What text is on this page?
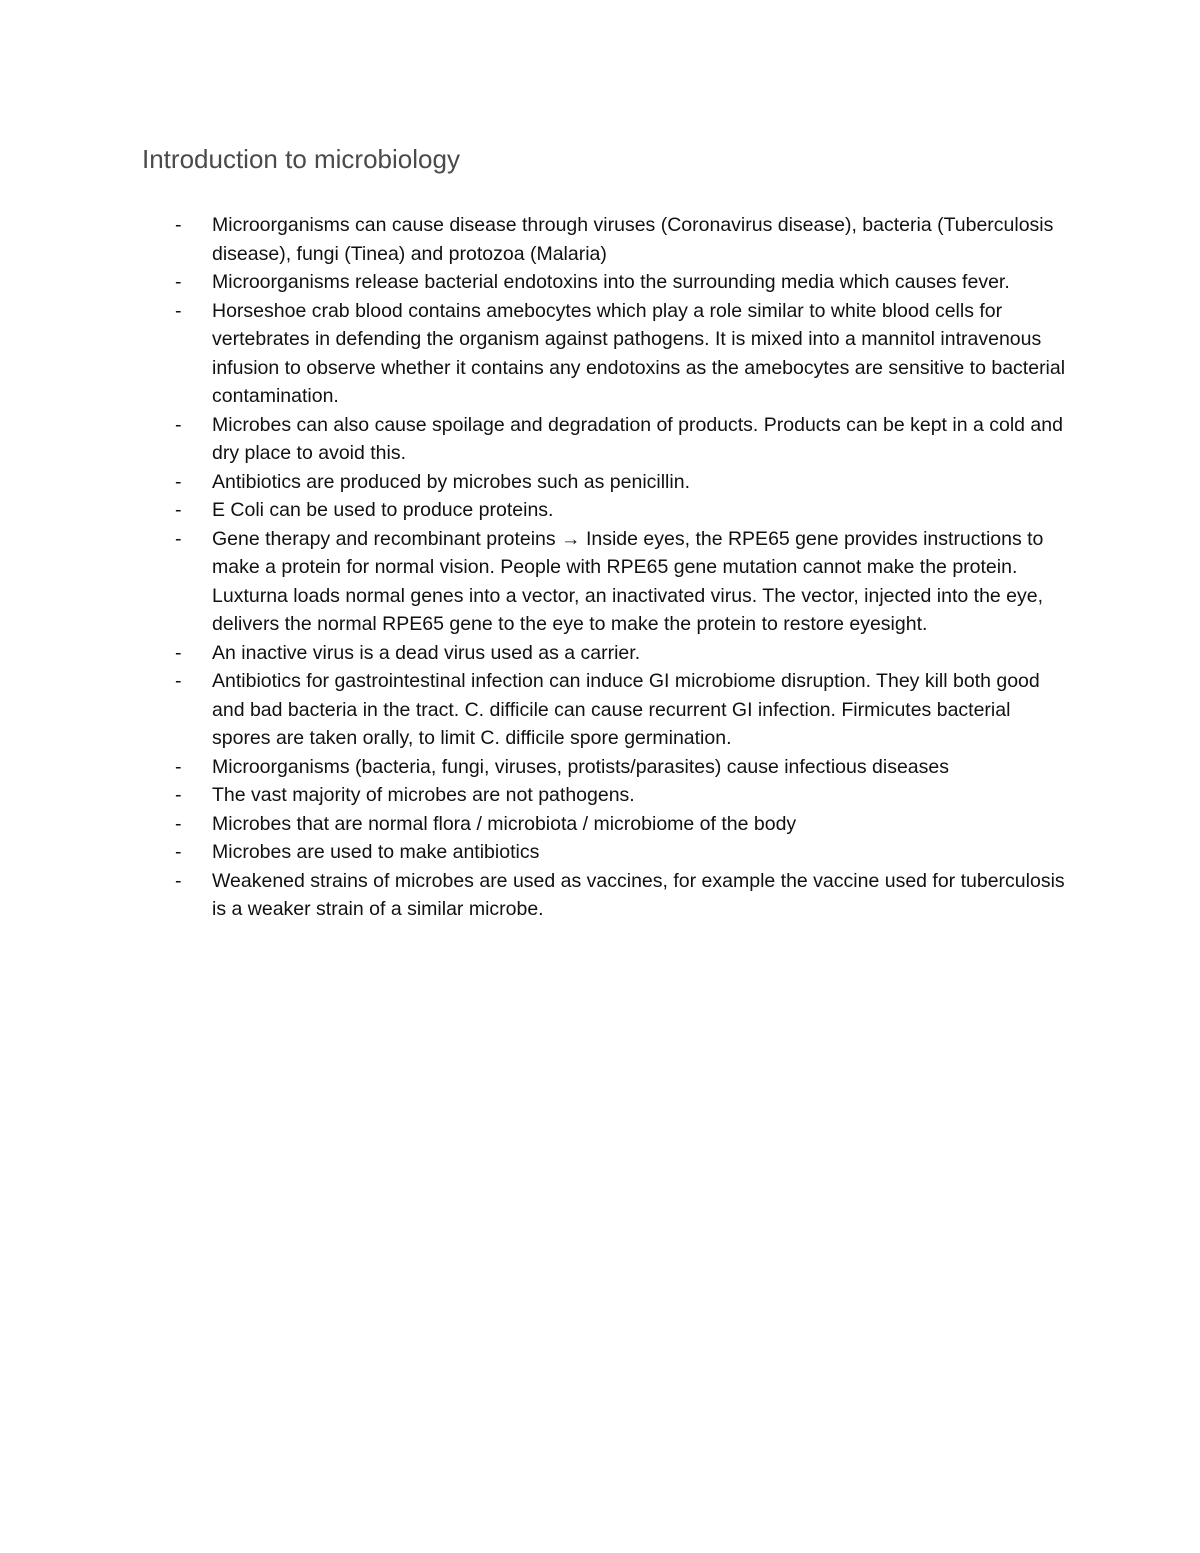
Introduction to microbiology
-	Microorganisms can cause disease through viruses (Coronavirus disease), bacteria (Tuberculosis disease), fungi (Tinea) and protozoa (Malaria)
-	Microorganisms release bacterial endotoxins into the surrounding media which causes fever.
-	Horseshoe crab blood contains amebocytes which play a role similar to white blood cells for vertebrates in defending the organism against pathogens. It is mixed into a mannitol intravenous infusion to observe whether it contains any endotoxins as the amebocytes are sensitive to bacterial contamination.
-	Microbes can also cause spoilage and degradation of products. Products can be kept in a cold and dry place to avoid this.
-	Antibiotics are produced by microbes such as penicillin.
-	E Coli can be used to produce proteins.
-	Gene therapy and recombinant proteins → Inside eyes, the RPE65 gene provides instructions to make a protein for normal vision. People with RPE65 gene mutation cannot make the protein. Luxturna loads normal genes into a vector, an inactivated virus. The vector, injected into the eye, delivers the normal RPE65 gene to the eye to make the protein to restore eyesight.
-	An inactive virus is a dead virus used as a carrier.
-	Antibiotics for gastrointestinal infection can induce GI microbiome disruption. They kill both good and bad bacteria in the tract. C. difficile can cause recurrent GI infection. Firmicutes bacterial spores are taken orally, to limit C. difficile spore germination.
-	Microorganisms (bacteria, fungi, viruses, protists/parasites) cause infectious diseases
-	The vast majority of microbes are not pathogens.
-	Microbes that are normal flora / microbiota / microbiome of the body
-	Microbes are used to make antibiotics
-	Weakened strains of microbes are used as vaccines, for example the vaccine used for tuberculosis is a weaker strain of a similar microbe.
